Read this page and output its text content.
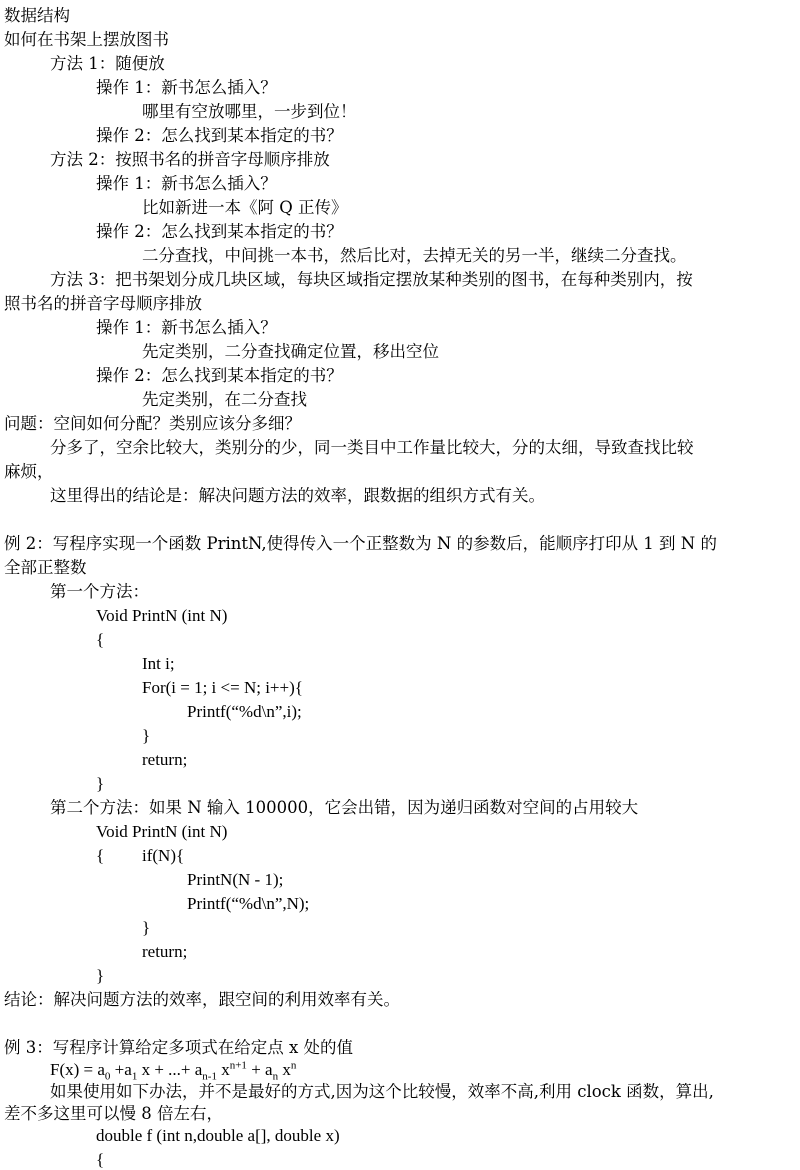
数据结构
如何在书架上摆放图书
方法 1：随便放
操作 1：新书怎么插入？
哪里有空放哪里，一步到位！
操作 2：怎么找到某本指定的书？
方法 2：按照书名的拼音字母顺序排放
操作 1：新书怎么插入？
比如新进一本《阿 Q 正传》
操作 2：怎么找到某本指定的书？
二分查找，中间挑一本书，然后比对，去掉无关的另一半，继续二分查找。
方法 3：把书架划分成几块区域，每块区域指定摆放某种类别的图书，在每种类别内，按
照书名的拼音字母顺序排放
操作 1：新书怎么插入？
先定类别，二分查找确定位置，移出空位
操作 2：怎么找到某本指定的书？
先定类别，在二分查找
问题：空间如何分配？类别应该分多细？
分多了，空余比较大，类别分的少，同一类目中工作量比较大，分的太细，导致查找比较
麻烦，
这里得出的结论是：解决问题方法的效率，跟数据的组织方式有关。
例 2：写程序实现一个函数 PrintN,使得传入一个正整数为 N 的参数后，能顺序打印从 1 到 N 的
全部正整数
第一个方法：
Void PrintN (int N)
{
Int i;
For(i = 1; i <= N; i++){
Printf(“%d\n”,i);
}
return;
}
第二个方法：如果 N 输入 100000，它会出错，因为递归函数对空间的占用较大
Void PrintN (int N)
{ if(N){
PrintN(N - 1);
Printf(“%d\n”,N);
}
return;
}
结论：解决问题方法的效率，跟空间的利用效率有关。
例 3：写程序计算给定多项式在给定点 x 处的值
$F(x) = a_0 +a_1$ x + ...+ $a_{n-1}$ $x^{n+1} + a_n$ $x^n$
如果使用如下办法，并不是最好的方式,因为这个比较慢，效率不高,利用 clock 函数，算出,
差不多这里可以慢 8 倍左右，
double f (int n,double a[], double x)
{
